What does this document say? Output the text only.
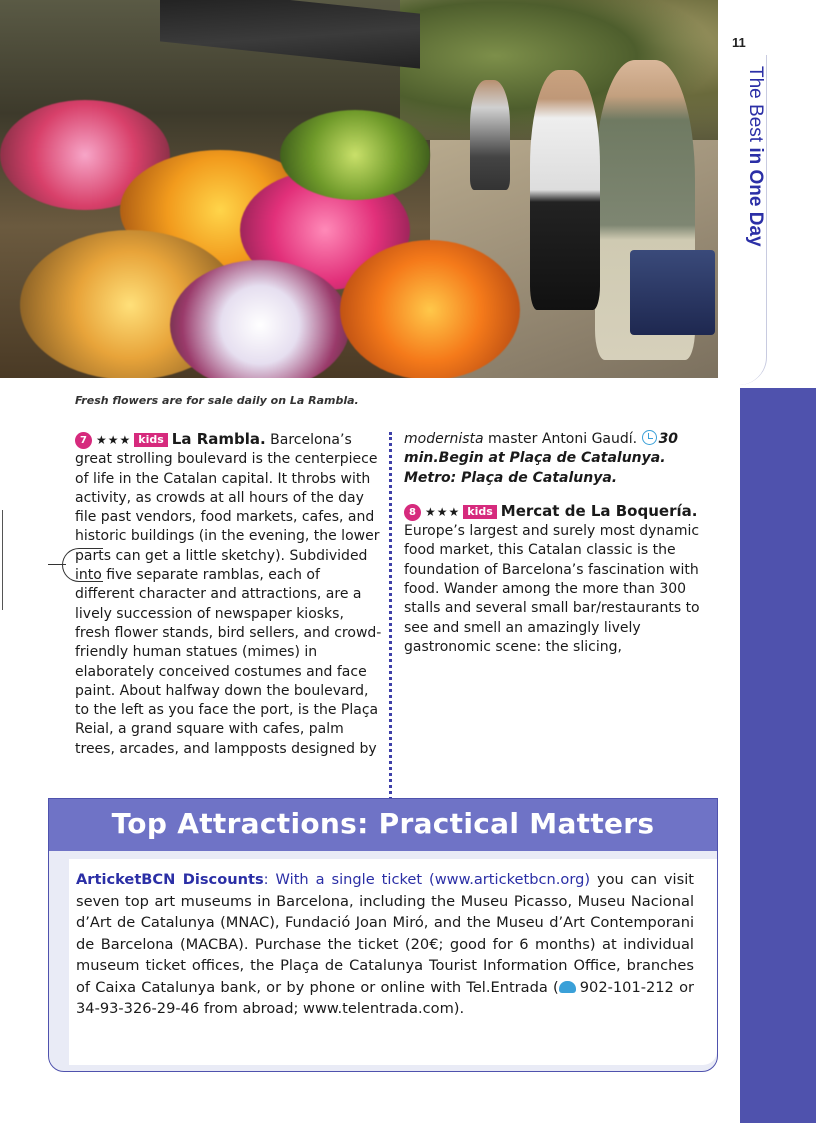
11
The Best in One Day
Fresh flowers are for sale daily on La Rambla.
7 ★★★ kids La Rambla. Barcelona’s great strolling boulevard is the centerpiece of life in the Catalan capital. It throbs with activity, as crowds at all hours of the day file past vendors, food markets, cafes, and historic buildings (in the evening, the lower parts can get a little sketchy). Subdivided into five separate ramblas, each of different character and attractions, are a lively succession of newspaper kiosks, fresh flower stands, bird sellers, and crowd-friendly human statues (mimes) in elaborately conceived costumes and face paint. About halfway down the boulevard, to the left as you face the port, is the Plaça Reial, a grand square with cafes, palm trees, arcades, and lampposts designed by
modernista master Antoni Gaudí. 30 min.Begin at Plaça de Catalunya. Metro: Plaça de Catalunya.
8 ★★★ kids Mercat de La Boquería. Europe’s largest and surely most dynamic food market, this Catalan classic is the foundation of Barcelona’s fascination with food. Wander among the more than 300 stalls and several small bar/restaurants to see and smell an amazingly lively gastronomic scene: the slicing,
Top Attractions: Practical Matters
ArticketBCN Discounts: With a single ticket (www.articketbcn.org) you can visit seven top art museums in Barcelona, including the Museu Picasso, Museu Nacional d’Art de Catalunya (MNAC), Fundació Joan Miró, and the Museu d’Art Contemporani de Barcelona (MACBA). Purchase the ticket (20€; good for 6 months) at individual museum ticket offices, the Plaça de Catalunya Tourist Information Office, branches of Caixa Catalunya bank, or by phone or online with Tel.Entrada ( 902-101-212 or 34-93-326-29-46 from abroad; www.telentrada.com).
